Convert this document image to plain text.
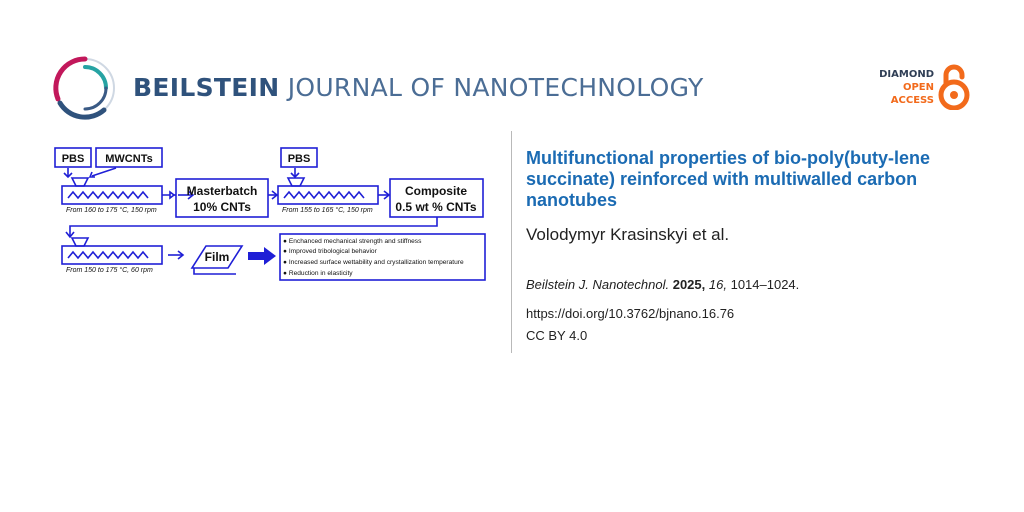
BEILSTEIN JOURNAL OF NANOTECHNOLOGY	DIAMOND
OPEN
ACCESS
PBS MWCNTs	PBS
Masterbatch
10% CNTs
Composite
0.5 wt % CNTs
Film
From 160 to 175 °C, 150 rpm	From 155 to 165 °C, 150 rpm
From 150 to 175 °C, 60 rpm
● Enchanced mechanical strength and stiffness
● Improved tribological behavior
● Increased surface wettability and crystallization temperature
● Reduction in elasticity
Multifunctional properties of bio-poly(buty-lene succinate) reinforced with multiwalled carbon nanotubes
Volodymyr Krasinskyi et al.
Beilstein J. Nanotechnol. 2025, 16, 1014–1024.
https://doi.org/10.3762/bjnano.16.76
CC BY 4.0
